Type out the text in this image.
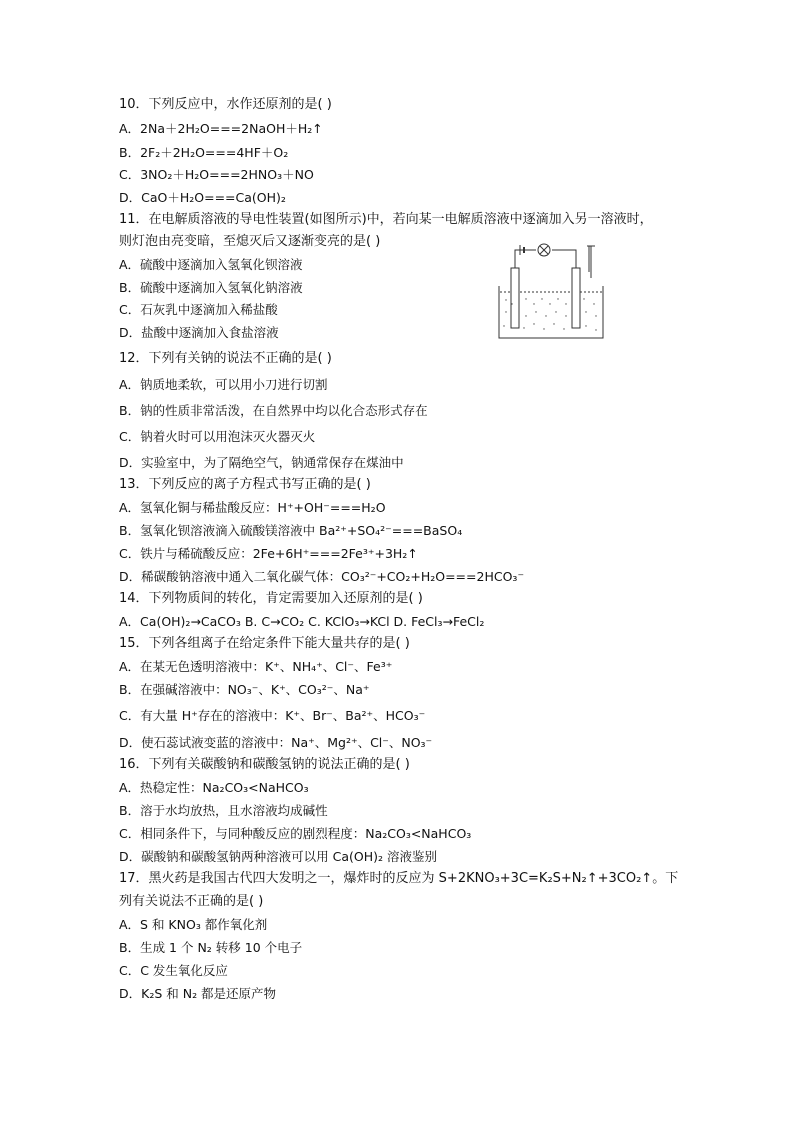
10．下列反应中，水作还原剂的是( )
A．2Na＋2H₂O===2NaOH＋H₂↑
B．2F₂＋2H₂O===4HF＋O₂
C．3NO₂＋H₂O===2HNO₃＋NO
D．CaO＋H₂O===Ca(OH)₂
11．在电解质溶液的导电性装置(如图所示)中，若向某一电解质溶液中逐滴加入另一溶液时，
则灯泡由亮变暗，至熄灭后又逐渐变亮的是( )
A．硫酸中逐滴加入氢氧化钡溶液
B．硫酸中逐滴加入氢氧化钠溶液
C．石灰乳中逐滴加入稀盐酸
D．盐酸中逐滴加入食盐溶液
12．下列有关钠的说法不正确的是( )
A．钠质地柔软，可以用小刀进行切割
B．钠的性质非常活泼，在自然界中均以化合态形式存在
C．钠着火时可以用泡沫灭火器灭火
D．实验室中，为了隔绝空气，钠通常保存在煤油中
13．下列反应的离子方程式书写正确的是( )
A．氢氧化铜与稀盐酸反应：H⁺+OH⁻===H₂O
B．氢氧化钡溶液滴入硫酸镁溶液中 Ba²⁺+SO₄²⁻===BaSO₄
C．铁片与稀硫酸反应：2Fe+6H⁺===2Fe³⁺+3H₂↑
D．稀碳酸钠溶液中通入二氧化碳气体：CO₃²⁻+CO₂+H₂O===2HCO₃⁻
14．下列物质间的转化，肯定需要加入还原剂的是( )
A．Ca(OH)₂→CaCO₃ B. C→CO₂ C. KClO₃→KCl D. FeCl₃→FeCl₂
15．下列各组离子在给定条件下能大量共存的是( )
A．在某无色透明溶液中：K⁺、NH₄⁺、Cl⁻、Fe³⁺
B．在强碱溶液中：NO₃⁻、K⁺、CO₃²⁻、Na⁺
C．有大量 H⁺存在的溶液中：K⁺、Br⁻、Ba²⁺、HCO₃⁻
D．使石蕊试液变蓝的溶液中：Na⁺、Mg²⁺、Cl⁻、NO₃⁻
16．下列有关碳酸钠和碳酸氢钠的说法正确的是( )
A．热稳定性：Na₂CO₃<NaHCO₃
B．溶于水均放热，且水溶液均成碱性
C．相同条件下，与同种酸反应的剧烈程度：Na₂CO₃<NaHCO₃
D．碳酸钠和碳酸氢钠两种溶液可以用 Ca(OH)₂ 溶液鉴别
17．黑火药是我国古代四大发明之一，爆炸时的反应为 S+2KNO₃+3C=K₂S+N₂↑+3CO₂↑。下
列有关说法不正确的是( )
A．S 和 KNO₃ 都作氧化剂
B．生成 1 个 N₂ 转移 10 个电子
C．C 发生氧化反应
D．K₂S 和 N₂ 都是还原产物
